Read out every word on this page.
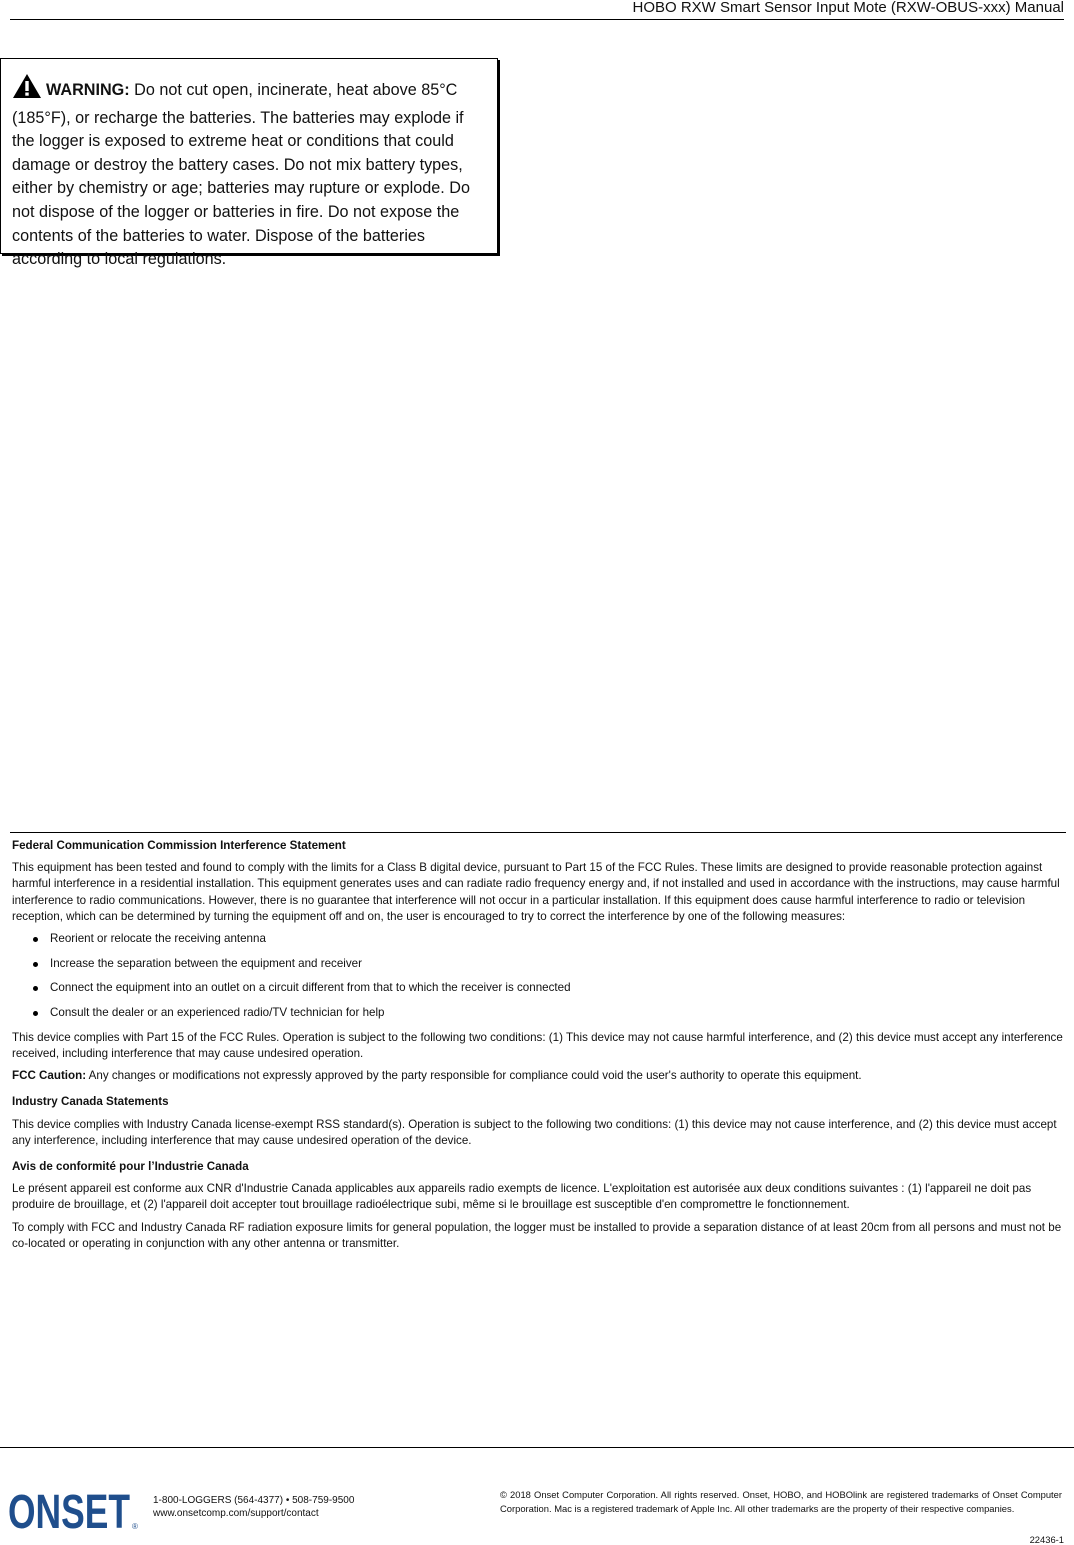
HOBO RXW Smart Sensor Input Mote (RXW-OBUS-xxx) Manual
WARNING: Do not cut open, incinerate, heat above 85°C (185°F), or recharge the batteries. The batteries may explode if the logger is exposed to extreme heat or conditions that could damage or destroy the battery cases. Do not mix battery types, either by chemistry or age; batteries may rupture or explode. Do not dispose of the logger or batteries in fire. Do not expose the contents of the batteries to water. Dispose of the batteries according to local regulations.
Federal Communication Commission Interference Statement

This equipment has been tested and found to comply with the limits for a Class B digital device, pursuant to Part 15 of the FCC Rules. These limits are designed to provide reasonable protection against harmful interference in a residential installation. This equipment generates uses and can radiate radio frequency energy and, if not installed and used in accordance with the instructions, may cause harmful interference to radio communications. However, there is no guarantee that interference will not occur in a particular installation. If this equipment does cause harmful interference to radio or television reception, which can be determined by turning the equipment off and on, the user is encouraged to try to correct the interference by one of the following measures:

Reorient or relocate the receiving antenna
Increase the separation between the equipment and receiver
Connect the equipment into an outlet on a circuit different from that to which the receiver is connected
Consult the dealer or an experienced radio/TV technician for help

This device complies with Part 15 of the FCC Rules. Operation is subject to the following two conditions: (1) This device may not cause harmful interference, and (2) this device must accept any interference received, including interference that may cause undesired operation.

FCC Caution: Any changes or modifications not expressly approved by the party responsible for compliance could void the user's authority to operate this equipment.

Industry Canada Statements

This device complies with Industry Canada license-exempt RSS standard(s). Operation is subject to the following two conditions: (1) this device may not cause interference, and (2) this device must accept any interference, including interference that may cause undesired operation of the device.

Avis de conformité pour l’Industrie Canada

Le présent appareil est conforme aux CNR d'Industrie Canada applicables aux appareils radio exempts de licence. L'exploitation est autorisée aux deux conditions suivantes : (1) l'appareil ne doit pas produire de brouillage, et (2) l'appareil doit accepter tout brouillage radioélectrique subi, même si le brouillage est susceptible d'en compromettre le fonctionnement.

To comply with FCC and Industry Canada RF radiation exposure limits for general population, the logger must be installed to provide a separation distance of at least 20cm from all persons and must not be co-located or operating in conjunction with any other antenna or transmitter.

ONSET ®
1-800-LOGGERS (564-4377) • 508-759-9500
www.onsetcomp.com/support/contact
© 2018 Onset Computer Corporation. All rights reserved. Onset, HOBO, and HOBOlink are registered trademarks of Onset Computer Corporation. Mac is a registered trademark of Apple Inc. All other trademarks are the property of their respective companies.
22436-1
